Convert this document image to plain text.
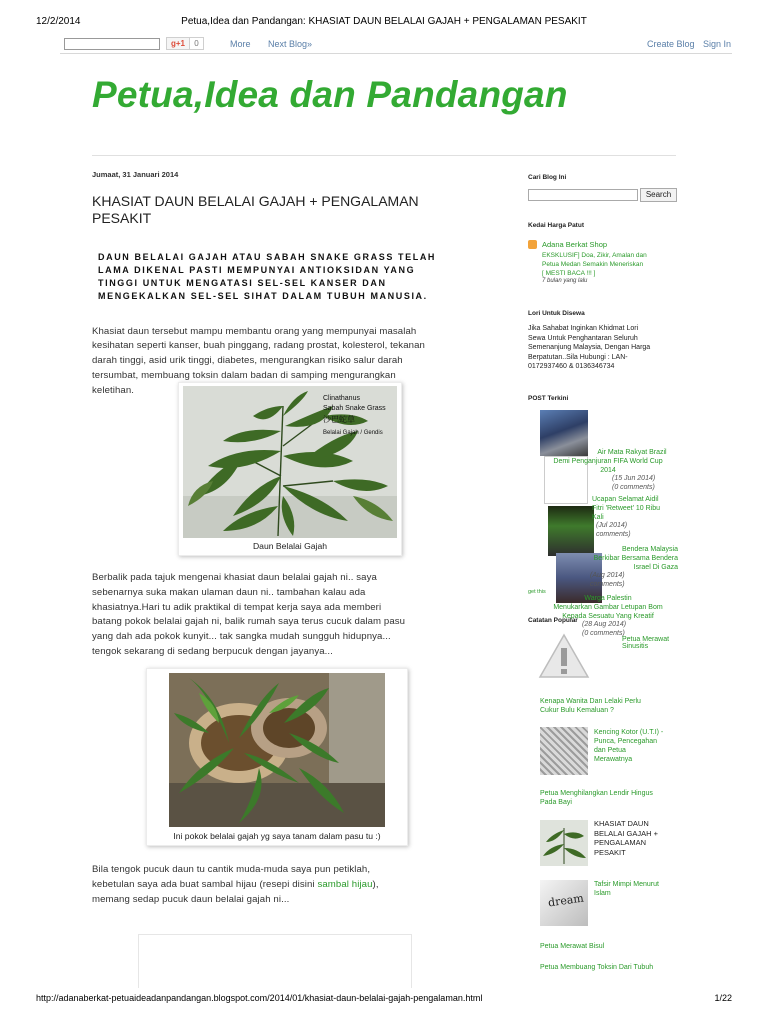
12/2/2014	Petua,Idea dan Pandangan: KHASIAT DAUN BELALAI GAJAH + PENGALAMAN PESAKIT
g+1	0	More Next Blog»	Create Blog Sign In
Petua,Idea dan Pandangan
Jumaat, 31 Januari 2014
KHASIAT DAUN BELALAI GAJAH + PENGALAMAN
PESAKIT
DAUN BELALAI GAJAH ATAU SABAH SNAKE GRASS TELAH
LAMA DIKENAL PASTI MEMPUNYAI ANTIOKSIDAN YANG
TINGGI UNTUK MENGATASI SEL-SEL KANSER DAN
MENGEKALKAN SEL-SEL SIHAT DALAM TUBUH MANUSIA.
Khasiat daun tersebut mampu membantu orang yang mempunyai masalah
kesihatan seperti kanser, buah pinggang, radang prostat, kolesterol, tekanan
darah tinggi, asid urik tinggi, diabetes, mengurangkan risiko salur darah
tersumbat, membuang toksin dalam badan di samping mengurangkan
keletihan.
Clinathanus
Sabah Snake Grass
沙巴蛇草
Belalai Gajah / Gendis
Daun Belalai Gajah
Berbalik pada tajuk mengenai khasiat daun belalai gajah ni.. saya
sebenarnya suka makan ulaman daun ni.. tambahan kalau ada
khasiatnya.Hari tu adik praktikal di tempat kerja saya ada memberi
batang pokok belalai gajah ni, balik rumah saya terus cucuk dalam pasu
yang dah ada pokok kunyit... tak sangka mudah sungguh hidupnya...
tengok sekarang di sedang berpucuk dengan jayanya...
Ini pokok belalai gajah yg saya tanam dalam pasu tu :)
Bila tengok pucuk daun tu cantik muda-muda saya pun petiklah,
kebetulan saya ada buat sambal hijau (resepi disini sambal hijau),
memang sedap pucuk daun belalai gajah ni...
Cari Blog Ini
Search
Kedai Harga Patut
Adana Berkat Shop
EKSKLUSIF] Doa, Zikir, Amalan dan
Petua Medan Semakin Meneriskan
[ MESTI BACA !!! ]
7 bulan yang lalu
Lori Untuk Disewa
Jika Sahabat Inginkan Khidmat Lori
Sewa Untuk Penghantaran Seluruh
Semenanjung Malaysia, Dengan Harga
Berpatutan..Sila Hubungi : LAN-
0172937460 & 0136346734
POST Terkini
Air Mata Rakyat Brazil
Demi Penganjuran FIFA World Cup
2014
(15 Jun 2014)
(0 comments)
Ucapan Selamat Aidil
Fitri 'Retweet' 10 Ribu
Kali
(Jul 2014)
comments)
Bendera Malaysia
Berkibar Bersama Bendera
Israel Di Gaza
(Aug 2014)
comments)
get this
Warga Palestin
Menukarkan Gambar Letupan Bom
Kepada Sesuatu Yang Kreatif
(28 Aug 2014)
(0 comments)
Catatan Popular
Petua Merawat Sinusitis
Kenapa Wanita Dan Lelaki Perlu
Cukur Bulu Kemaluan ?
Kencing Kotor (U.T.I) -
Punca, Pencegahan
dan Petua
Merawatnya
Petua Menghilangkan Lendir Hingus
Pada Bayi
KHASIAT DAUN
BELALAI GAJAH +
PENGALAMAN
PESAKIT
dream
Tafsir Mimpi Menurut
Islam
Petua Merawat Bisul
Petua Membuang Toksin Dari Tubuh
http://adanaberkat-petuaideadanpandangan.blogspot.com/2014/01/khasiat-daun-belalai-gajah-pengalaman.html	1/22
